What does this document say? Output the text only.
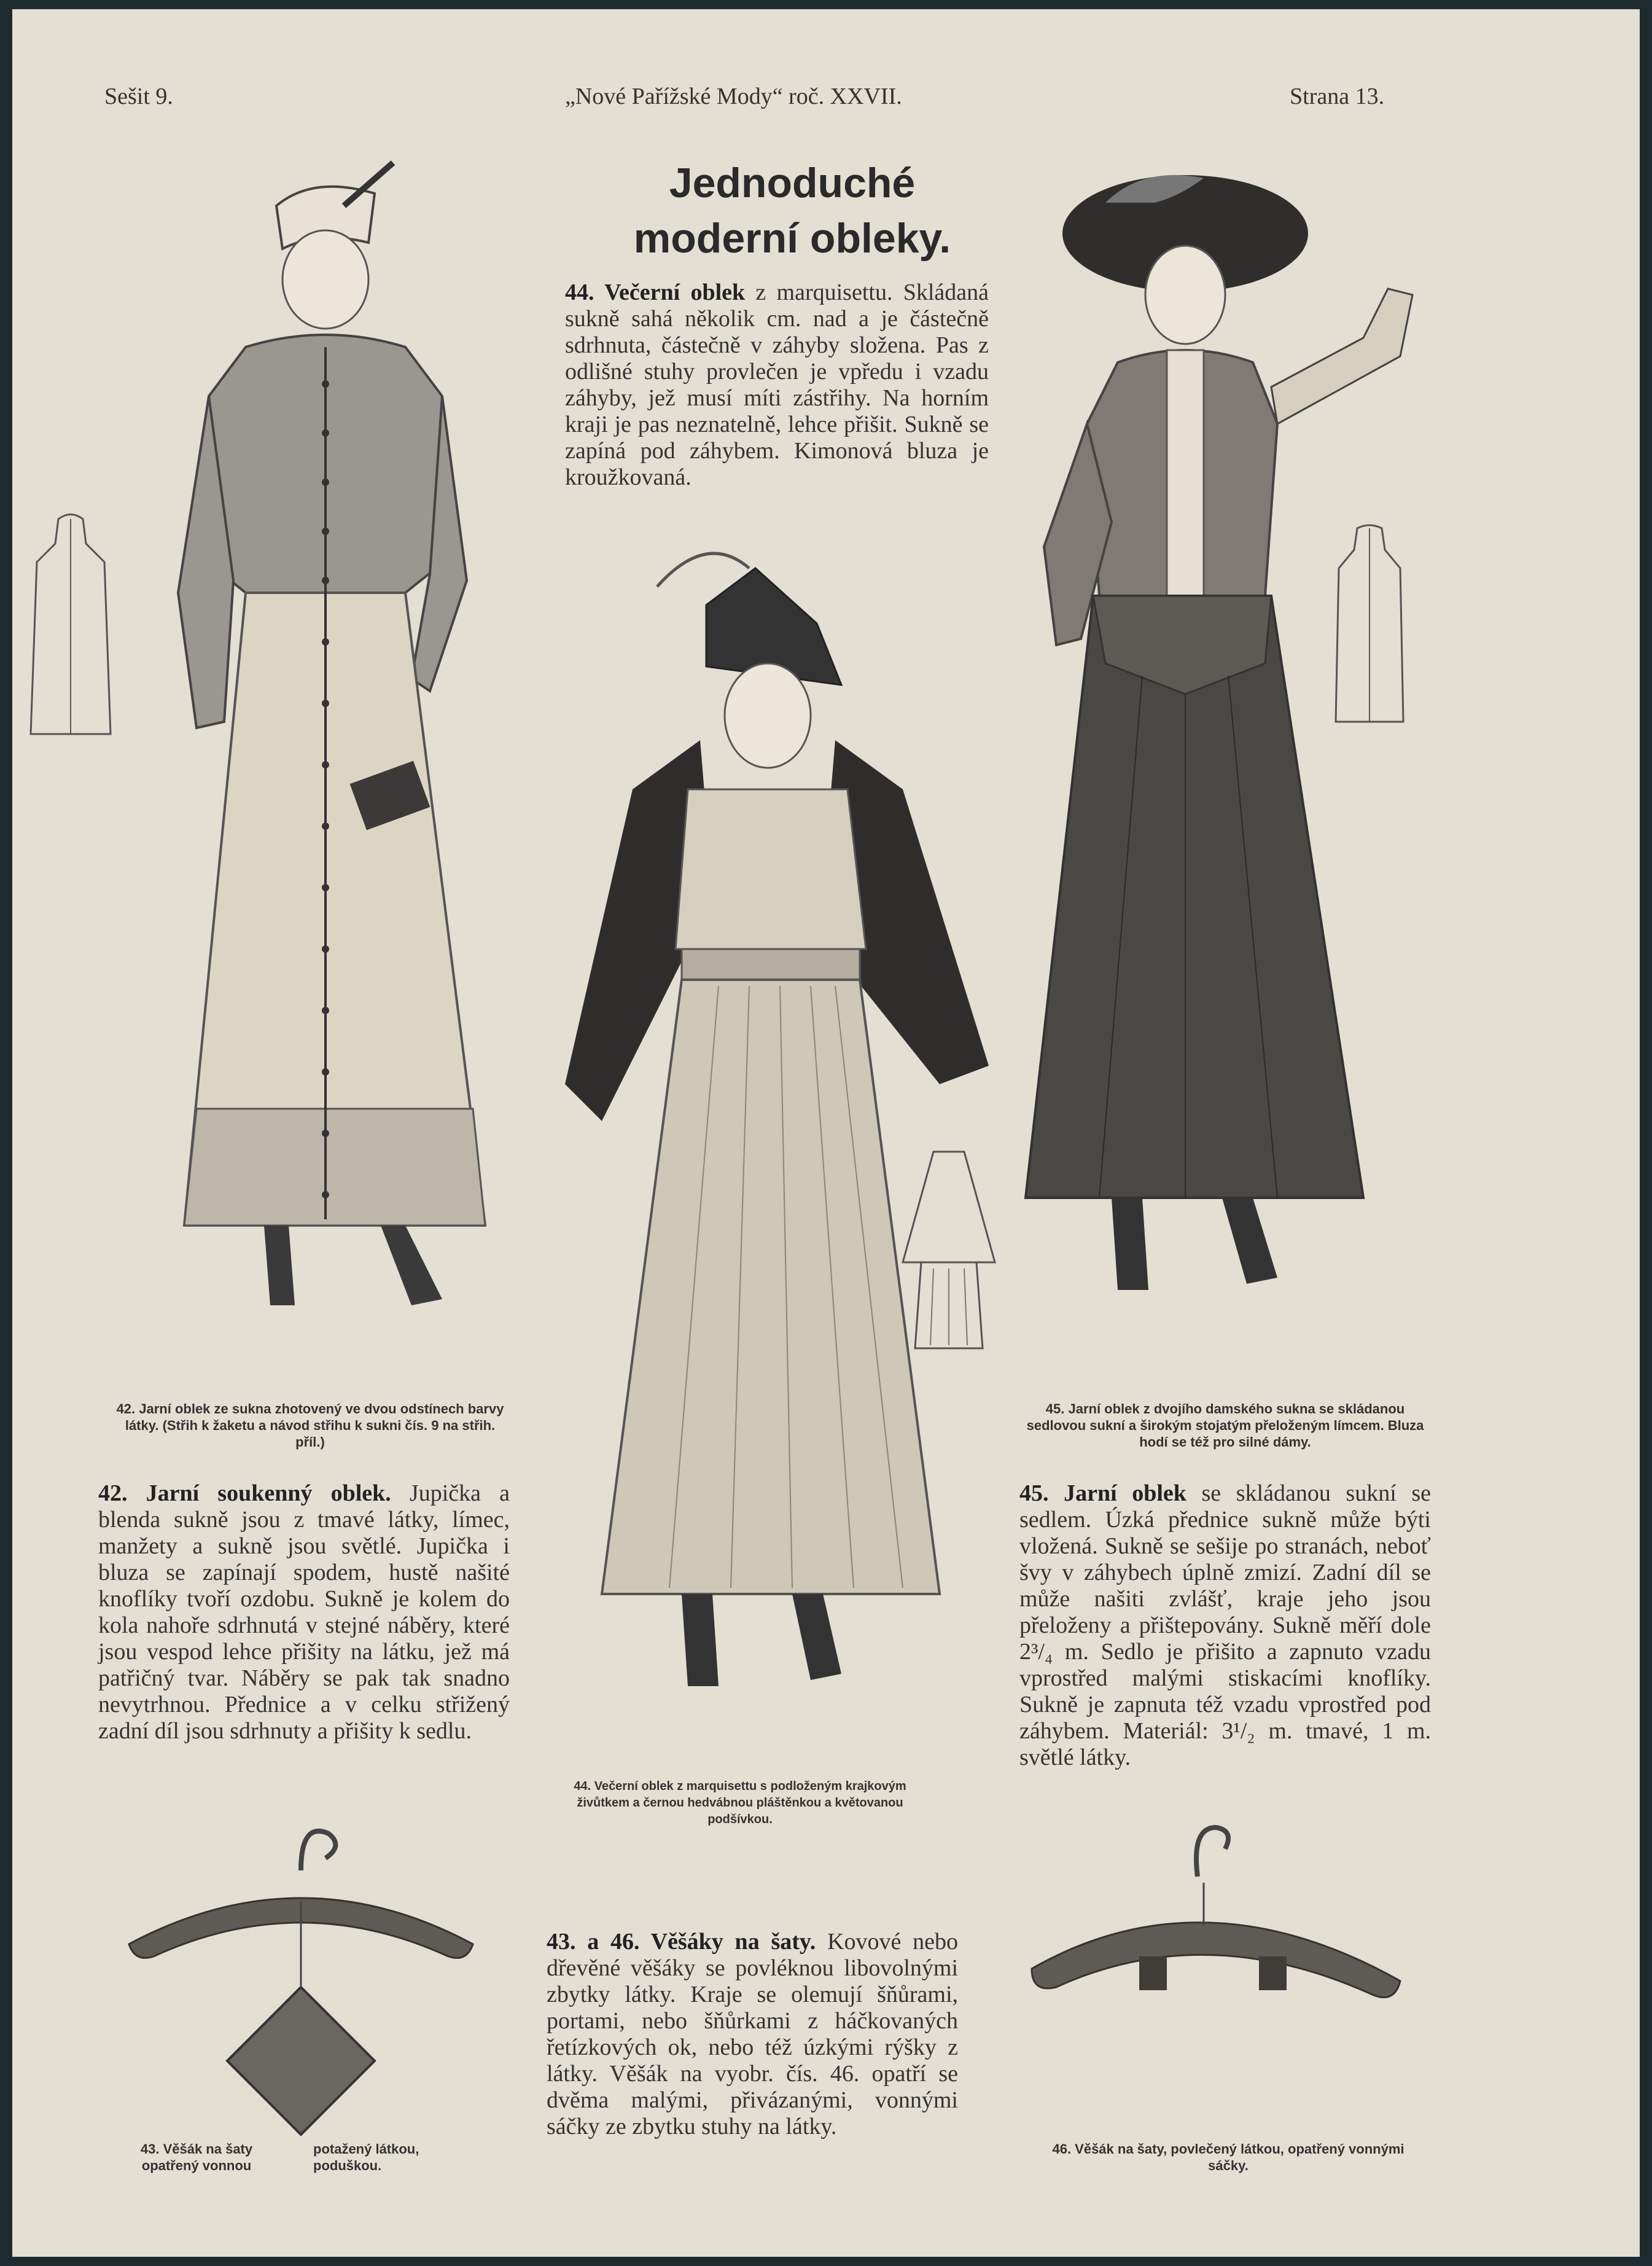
Sešit 9.	„Nové Pařížské Mody“ roč. XXVII.	Strana 13.
Jednoduché
moderní obleky.
44. Večerní oblek z marquisettu. Skládaná sukně sahá několik cm. nad a je částečně sdrhnuta, částečně v záhyby složena. Pas z odlišné stuhy provlečen je vpředu i vzadu záhyby, jež musí míti zástřihy. Na horním kraji je pas neznatelně, lehce přišit. Sukně se zapíná pod záhybem. Kimonová bluza je kroužkovaná.
42. Jarní oblek ze sukna zhotovený ve dvou odstínech barvy látky. (Střih k žaketu a návod střihu k sukni čís. 9 na střih. příl.)
45. Jarní oblek z dvojího damského sukna se skládanou sedlovou sukní a širokým stojatým přeloženým límcem. Bluza hodí se též pro silné dámy.
42. Jarní soukenný oblek. Jupička a blenda sukně jsou z tmavé látky, límec, manžety a sukně jsou světlé. Jupička i bluza se zapínají spodem, hustě našité knoflíky tvoří ozdobu. Sukně je kolem do kola nahoře sdrhnutá v stejné náběry, které jsou vespod lehce přišity na látku, jež má patřičný tvar. Náběry se pak tak snadno nevytrhnou. Přednice a v celku střižený zadní díl jsou sdrhnuty a přišity k sedlu.
45. Jarní oblek se skládanou sukní se sedlem. Úzká přednice sukně může býti vložená. Sukně se sešije po stranách, neboť švy v záhybech úplně zmizí. Zadní díl se může našiti zvlášť, kraje jeho jsou přeloženy a přištepovány. Sukně měří dole 2³/₄ m. Sedlo je přišito a zapnuto vzadu vprostřed malými stiskacími knoflíky. Sukně je zapnuta též vzadu vprostřed pod záhybem. Materiál: 3¹/₂ m. tmavé, 1 m. světlé látky.
44. Večerní oblek z marquisettu s podloženým krajkovým živůtkem a černou hedvábnou pláštěnkou a květovanou podšívkou.
43. a 46. Věšáky na šaty. Kovové nebo dřevěné věšáky se povléknou libovolnými zbytky látky. Kraje se olemují šňůrami, portami, nebo šňůrkami z háčkovaných řetízkových ok, nebo též úzkými rýšky z látky. Věšák na vyobr. čís. 46. opatří se dvěma malými, přivázanými, vonnými sáčky ze zbytku stuhy na látky.
43. Věšák na šaty opatřený vonnou
potažený látkou, poduškou.
46. Věšák na šaty, povlečený látkou, opatřený vonnými sáčky.
